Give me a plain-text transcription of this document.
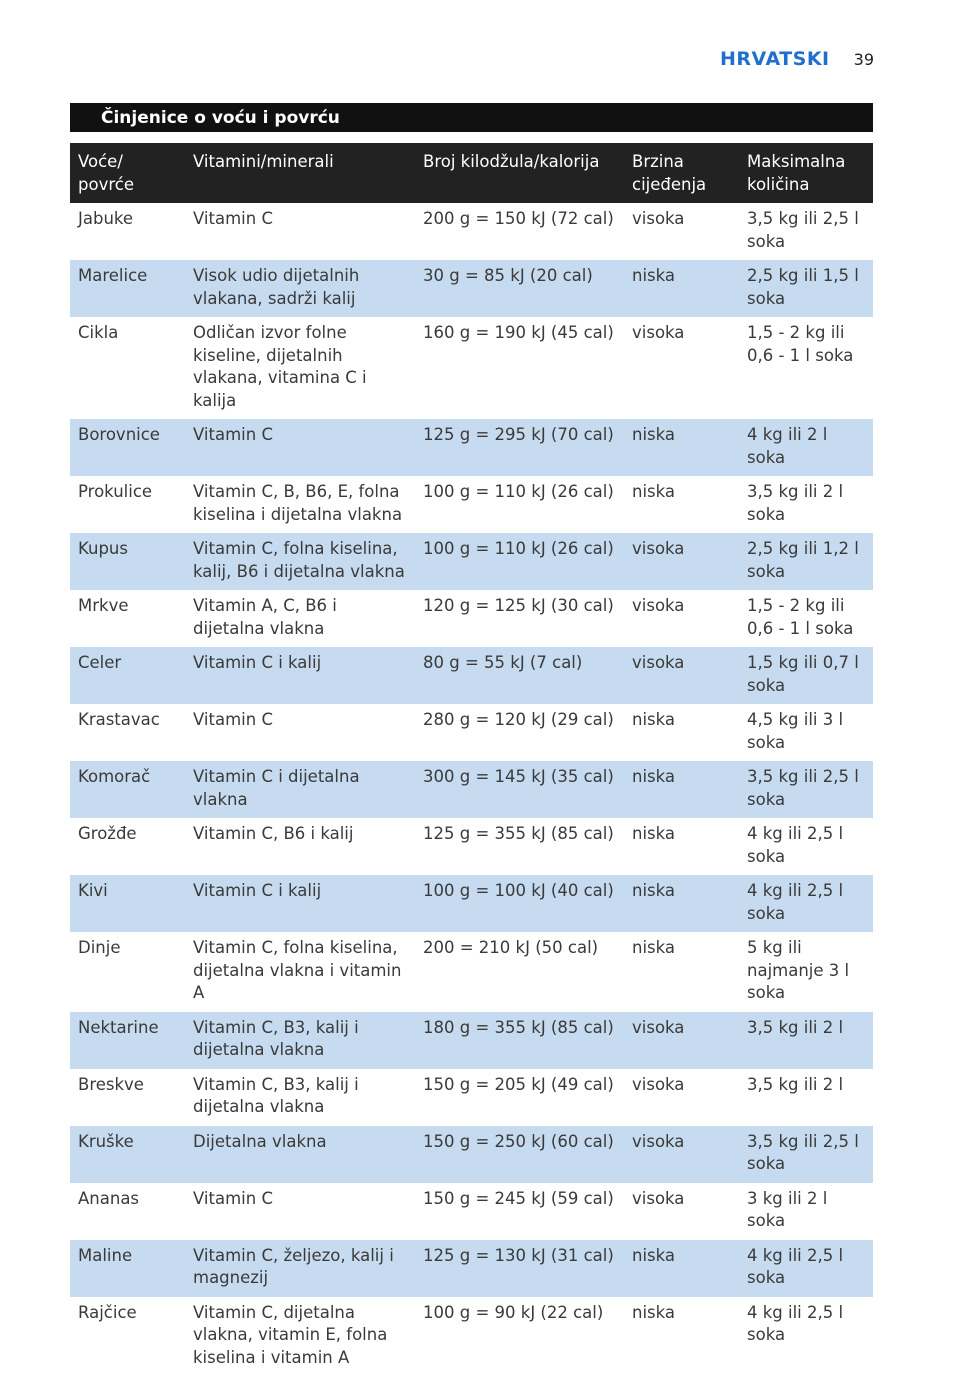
HRVATSKI 39
Činjenice o voću i povrću
Voće/ povrće	Vitamini/minerali	Broj kilodžula/kalorija	Brzina cijeđenja	Maksimalna količina
Jabuke	Vitamin C	200 g = 150 kJ (72 cal)	visoka	3,5 kg ili 2,5 l soka
Marelice	Visok udio dijetalnih vlakana, sadrži kalij	30 g = 85 kJ (20 cal)	niska	2,5 kg ili 1,5 l soka
Cikla	Odličan izvor folne kiseline, dijetalnih vlakana, vitamina C i kalija	160 g = 190 kJ (45 cal)	visoka	1,5 - 2 kg ili 0,6 - 1 l soka
Borovnice	Vitamin C	125 g = 295 kJ (70 cal)	niska	4 kg ili 2 l soka
Prokulice	Vitamin C, B, B6, E, folna kiselina i dijetalna vlakna	100 g = 110 kJ (26 cal)	niska	3,5 kg ili 2 l soka
Kupus	Vitamin C, folna kiselina, kalij, B6 i dijetalna vlakna	100 g = 110 kJ (26 cal)	visoka	2,5 kg ili 1,2 l soka
Mrkve	Vitamin A, C, B6 i dijetalna vlakna	120 g = 125 kJ (30 cal)	visoka	1,5 - 2 kg ili 0,6 - 1 l soka
Celer	Vitamin C i kalij	80 g = 55 kJ (7 cal)	visoka	1,5 kg ili 0,7 l soka
Krastavac	Vitamin C	280 g = 120 kJ (29 cal)	niska	4,5 kg ili 3 l soka
Komorač	Vitamin C i dijetalna vlakna	300 g = 145 kJ (35 cal)	niska	3,5 kg ili 2,5 l soka
Grožđe	Vitamin C, B6 i kalij	125 g = 355 kJ (85 cal)	niska	4 kg ili 2,5 l soka
Kivi	Vitamin C i kalij	100 g = 100 kJ (40 cal)	niska	4 kg ili 2,5 l soka
Dinje	Vitamin C, folna kiselina, dijetalna vlakna i vitamin A	200 = 210 kJ (50 cal)	niska	5 kg ili najmanje 3 l soka
Nektarine	Vitamin C, B3, kalij i dijetalna vlakna	180 g = 355 kJ (85 cal)	visoka	3,5 kg ili 2 l
Breskve	Vitamin C, B3, kalij i dijetalna vlakna	150 g = 205 kJ (49 cal)	visoka	3,5 kg ili 2 l
Kruške	Dijetalna vlakna	150 g = 250 kJ (60 cal)	visoka	3,5 kg ili 2,5 l soka
Ananas	Vitamin C	150 g = 245 kJ (59 cal)	visoka	3 kg ili 2 l soka
Maline	Vitamin C, željezo, kalij i magnezij	125 g = 130 kJ (31 cal)	niska	4 kg ili 2,5 l soka
Rajčice	Vitamin C, dijetalna vlakna, vitamin E, folna kiselina i vitamin A	100 g = 90 kJ (22 cal)	niska	4 kg ili 2,5 l soka
